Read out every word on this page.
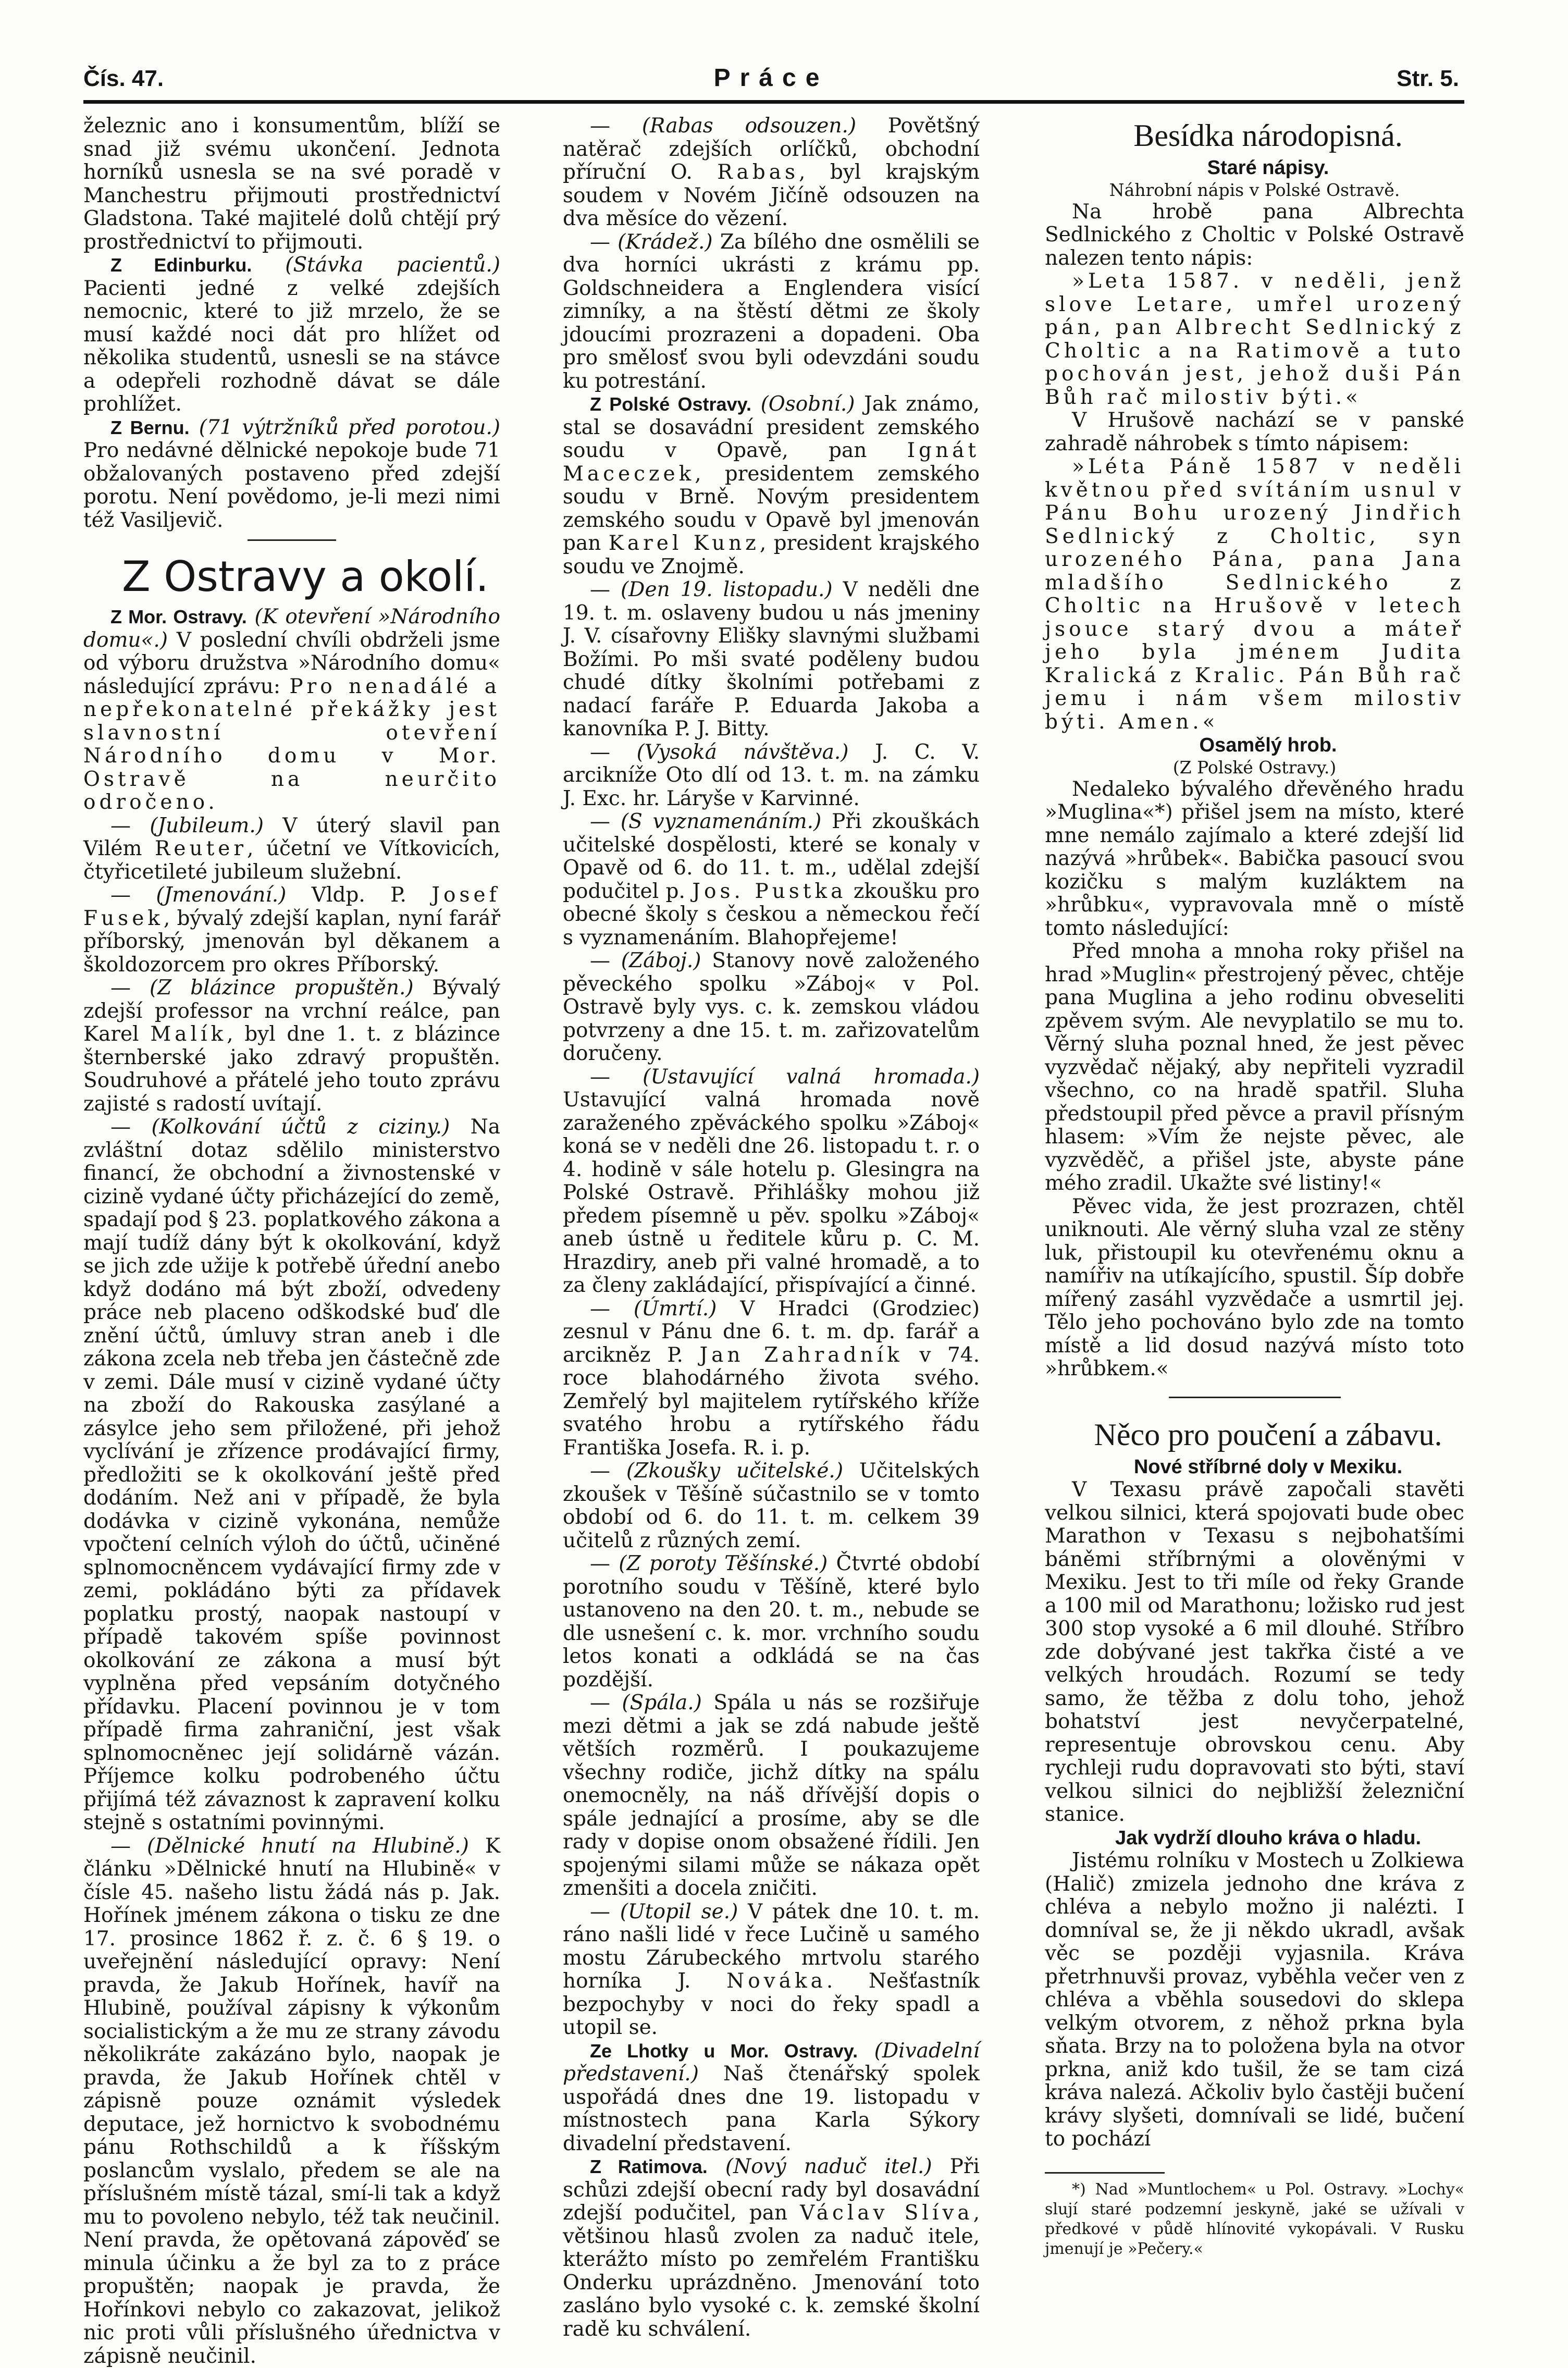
Čís. 47.	Práce	Str. 5.

železnic ano i konsumentům, blíží se snad již svému ukončení. Jednota horníků usnesla se na své poradě v Manchestru přijmouti prostřednictví Gladstona. Také majitelé dolů chtějí prý prostřednictví to přijmouti.

Z Edinburku. (Stávka pacientů.) Pacienti jedné z velké zdejších nemocnic, které to již mrzelo, že se musí každé noci dát pro hlížet od několika studentů, usnesli se na stávce a odepřeli rozhodně dávat se dále prohlížet.

Z Bernu. (71 výtržníků před porotou.) Pro nedávné dělnické nepokoje bude 71 obžalovaných postaveno před zdejší porotu. Není povědomo, je-li mezi nimi též Vasiljevič.

Z Ostravy a okolí.

Z Mor. Ostravy. (K otevření »Národního domu«.) V poslední chvíli obdrželi jsme od výboru družstva »Národního domu« následující zprávu: Pro nenadálé a nepřekonatelné překážky jest slavnostní otevření Národního domu v Mor. Ostravě na neurčito odročeno.

— (Jubileum.) V úterý slavil pan Vilém Reuter, účetní ve Vítkovicích, čtyřicetileté jubileum služební.

— (Jmenování.) Vldp. P. Josef Fusek, bývalý zdejší kaplan, nyní farář příborský, jmenován byl děkanem a školdozorcem pro okres Příborský.

— (Z blázince propuštěn.) Bývalý zdejší professor na vrchní reálce, pan Karel Malík, byl dne 1. t. z blázince šternberské jako zdravý propuštěn. Soudruhové a přátelé jeho touto zprávu zajisté s radostí uvítají.

— (Kolkování účtů z ciziny.) Na zvláštní dotaz sdělilo ministerstvo financí, že obchodní a živnostenské v cizině vydané účty přicházející do země, spadají pod § 23. poplatkového zákona a mají tudíž dány být k okolkování, když se jich zde užije k potřebě úřední anebo když dodáno má být zboží, odvedeny práce neb placeno odškodské buď dle znění účtů, úmluvy stran aneb i dle zákona zcela neb třeba jen částečně zde v zemi. Dále musí v cizině vydané účty na zboží do Rakouska zasýlané a zásylce jeho sem přiložené, při jehož vyclívání je zřízence prodávající firmy, předložiti se k okolkování ještě před dodáním. Než ani v případě, že byla dodávka v cizině vykonána, nemůže vpočtení celních výloh do účtů, učiněné splnomocněncem vydávající firmy zde v zemi, pokládáno býti za přídavek poplatku prostý, naopak nastoupí v případě takovém spíše povinnost okolkování ze zákona a musí být vyplněna před vepsáním dotyčného přídavku. Placení povinnou je v tom případě firma zahraniční, jest však splnomocněnec její solidárně vázán. Příjemce kolku podrobeného účtu přijímá též závaznost k zapravení kolku stejně s ostatními povinnými.

— (Dělnické hnutí na Hlubině.) K článku »Dělnické hnutí na Hlubině« v čísle 45. našeho listu žádá nás p. Jak. Hořínek jménem zákona o tisku ze dne 17. prosince 1862 ř. z. č. 6 § 19. o uveřejnění následující opravy: Není pravda, že Jakub Hořínek, havíř na Hlubině, používal zápisny k výkonům socialistickým a že mu ze strany závodu několikráte zakázáno bylo, naopak je pravda, že Jakub Hořínek chtěl v zápisně pouze oznámit výsledek deputace, jež hornictvo k svobodnému pánu Rothschildů a k říšským poslancům vyslalo, předem se ale na příslušném místě tázal, smí-li tak a když mu to povoleno nebylo, též tak neučinil. Není pravda, že opětovaná zápověď se minula účinku a že byl za to z práce propuštěn; naopak je pravda, že Hořínkovi nebylo co zakazovat, jelikož nic proti vůli příslušného úřednictva v zápisně neučinil.

— (Rabas odsouzen.) Povětšný natěrač zdejších orlíčků, obchodní příruční O. Rabas, byl krajským soudem v Novém Jičíně odsouzen na dva měsíce do vězení.

— (Krádež.) Za bílého dne osmělili se dva horníci ukrásti z krámu pp. Goldschneidera a Englendera visící zimníky, a na štěstí dětmi ze školy jdoucími prozrazeni a dopadeni. Oba pro smělosť svou byli odevzdáni soudu ku potrestání.

Z Polské Ostravy. (Osobní.) Jak známo, stal se dosavádní president zemského soudu v Opavě, pan Ignát Maceczek, presidentem zemského soudu v Brně. Novým presidentem zemského soudu v Opavě byl jmenován pan Karel Kunz, president krajského soudu ve Znojmě.

— (Den 19. listopadu.) V neděli dne 19. t. m. oslaveny budou u nás jmeniny J. V. císařovny Elišky slavnými službami Božími. Po mši svaté poděleny budou chudé dítky školními potřebami z nadací faráře P. Eduarda Jakoba a kanovníka P. J. Bitty.

— (Vysoká návštěva.) J. C. V. arcikníže Oto dlí od 13. t. m. na zámku J. Exc. hr. Láryše v Karvinné.

— (S vyznamenáním.) Při zkouškách učitelské dospělosti, které se konaly v Opavě od 6. do 11. t. m., udělal zdejší podučitel p. Jos. Pustka zkoušku pro obecné školy s českou a německou řečí s vyznamenáním. Blahopřejeme!

— (Záboj.) Stanovy nově založeného pěveckého spolku »Záboj« v Pol. Ostravě byly vys. c. k. zemskou vládou potvrzeny a dne 15. t. m. zařizovatelům doručeny.

— (Ustavující valná hromada.) Ustavující valná hromada nově zaraženého zpěváckého spolku »Záboj« koná se v neděli dne 26. listopadu t. r. o 4. hodině v sále hotelu p. Glesingra na Polské Ostravě. Přihlášky mohou již předem písemně u pěv. spolku »Záboj« aneb ústně u ředitele kůru p. C. M. Hrazdiry, aneb při valné hromadě, a to za členy zakládající, přispívající a činné.

— (Úmrtí.) V Hradci (Grodziec) zesnul v Pánu dne 6. t. m. dp. farář a arcikněz P. Jan Zahradník v 74. roce blahodárného života svého. Zemřelý byl majitelem rytířského kříže svatého hrobu a rytířského řádu Františka Josefa. R. i. p.

— (Zkoušky učitelské.) Učitelských zkoušek v Těšíně súčastnilo se v tomto období od 6. do 11. t. m. celkem 39 učitelů z různých zemí.

— (Z poroty Těšínské.) Čtvrté období porotního soudu v Těšíně, které bylo ustanoveno na den 20. t. m., nebude se dle usnešení c. k. mor. vrchního soudu letos konati a odkládá se na čas pozdější.

— (Spála.) Spála u nás se rozšiřuje mezi dětmi a jak se zdá nabude ještě větších rozměrů. I poukazujeme všechny rodiče, jichž dítky na spálu onemocněly, na náš dřívější dopis o spále jednající a prosíme, aby se dle rady v dopise onom obsažené řídili. Jen spojenými silami může se nákaza opět zmenšiti a docela zničiti.

— (Utopil se.) V pátek dne 10. t. m. ráno našli lidé v řece Lučině u samého mostu Zárubeckého mrtvolu starého horníka J. Nováka. Nešťastník bezpochyby v noci do řeky spadl a utopil se.

Ze Lhotky u Mor. Ostravy. (Divadelní představení.) Naš čtenářský spolek uspořádá dnes dne 19. listopadu v místnostech pana Karla Sýkory divadelní představení.

Z Ratimova. (Nový naduč itel.) Při schůzi zdejší obecní rady byl dosavádní zdejší podučitel, pan Václav Slíva, většinou hlasů zvolen za naduč itele, kterážto místo po zemřelém Františku Onderku uprázdněno. Jmenování toto zasláno bylo vysoké c. k. zemské školní radě ku schválení.

Besídka národopisná.

Staré nápisy.

Náhrobní nápis v Polské Ostravě.

Na hrobě pana Albrechta Sedlnického z Choltic v Polské Ostravě nalezen tento nápis:

»Leta 1587. v neděli, jenž slove Letare, umřel urozený pán, pan Albrecht Sedlnický z Choltic a na Ratimově a tuto pochován jest, jehož duši Pán Bůh rač milostiv býti.«

V Hrušově nachází se v panské zahradě náhrobek s tímto nápisem:

»Léta Páně 1587 v neděli květnou před svítáním usnul v Pánu Bohu urozený Jindřich Sedlnický z Choltic, syn urozeného Pána, pana Jana mladšího Sedlnického z Choltic na Hrušově v letech jsouce starý dvou a máteř jeho byla jménem Judita Kralická z Kralic. Pán Bůh rač jemu i nám všem milostiv býti. Amen.«

Osamělý hrob.

(Z Polské Ostravy.)

Nedaleko bývalého dřevěného hradu »Muglina«*) přišel jsem na místo, které mne nemálo zajímalo a které zdejší lid nazývá »hrůbek«. Babička pasoucí svou kozičku s malým kuzláktem na »hrůbku«, vypravovala mně o místě tomto následující:

Před mnoha a mnoha roky přišel na hrad »Muglin« přestrojený pěvec, chtěje pana Muglina a jeho rodinu obveseliti zpěvem svým. Ale nevyplatilo se mu to. Věrný sluha poznal hned, že jest pěvec vyzvědač nějaký, aby nepřiteli vyzradil všechno, co na hradě spatřil. Sluha předstoupil před pěvce a pravil přísným hlasem: »Vím že nejste pěvec, ale vyzvěděč, a přišel jste, abyste páne mého zradil. Ukažte své listiny!«

Pěvec vida, že jest prozrazen, chtěl uniknouti. Ale věrný sluha vzal ze stěny luk, přistoupil ku otevřenému oknu a namířiv na utíkajícího, spustil. Šíp dobře mířený zasáhl vyzvědače a usmrtil jej. Tělo jeho pochováno bylo zde na tomto místě a lid dosud nazývá místo toto »hrůbkem.«

Něco pro poučení a zábavu.

Nové stříbrné doly v Mexiku.

V Texasu právě započali stavěti velkou silnici, která spojovati bude obec Marathon v Texasu s nejbohatšími báněmi stříbrnými a olověnými v Mexiku. Jest to tři míle od řeky Grande a 100 mil od Marathonu; ložisko rud jest 300 stop vysoké a 6 mil dlouhé. Stříbro zde dobývané jest takřka čisté a ve velkých hroudách. Rozumí se tedy samo, že těžba z dolu toho, jehož bohatství jest nevyčerpatelné, representuje obrovskou cenu. Aby rychleji rudu dopravovati sto býti, staví velkou silnici do nejbližší železniční stanice.

Jak vydrží dlouho kráva o hladu.

Jistému rolníku v Mostech u Zolkiewa (Halič) zmizela jednoho dne kráva z chléva a nebylo možno ji nalézti. I domníval se, že ji někdo ukradl, avšak věc se později vyjasnila. Kráva přetrhnuvši provaz, vyběhla večer ven z chléva a vběhla sousedovi do sklepa velkým otvorem, z něhož prkna byla sňata. Brzy na to položena byla na otvor prkna, aniž kdo tušil, že se tam cizá kráva nalezá. Ačkoliv bylo častěji bučení krávy slyšeti, domnívali se lidé, bučení to pochází

*) Nad »Muntlochem« u Pol. Ostravy. »Lochy« slují staré podzemní jeskyně, jaké se užívali v předkové v půdě hlínovité vykopávali. V Rusku jmenují je »Pečery.«
